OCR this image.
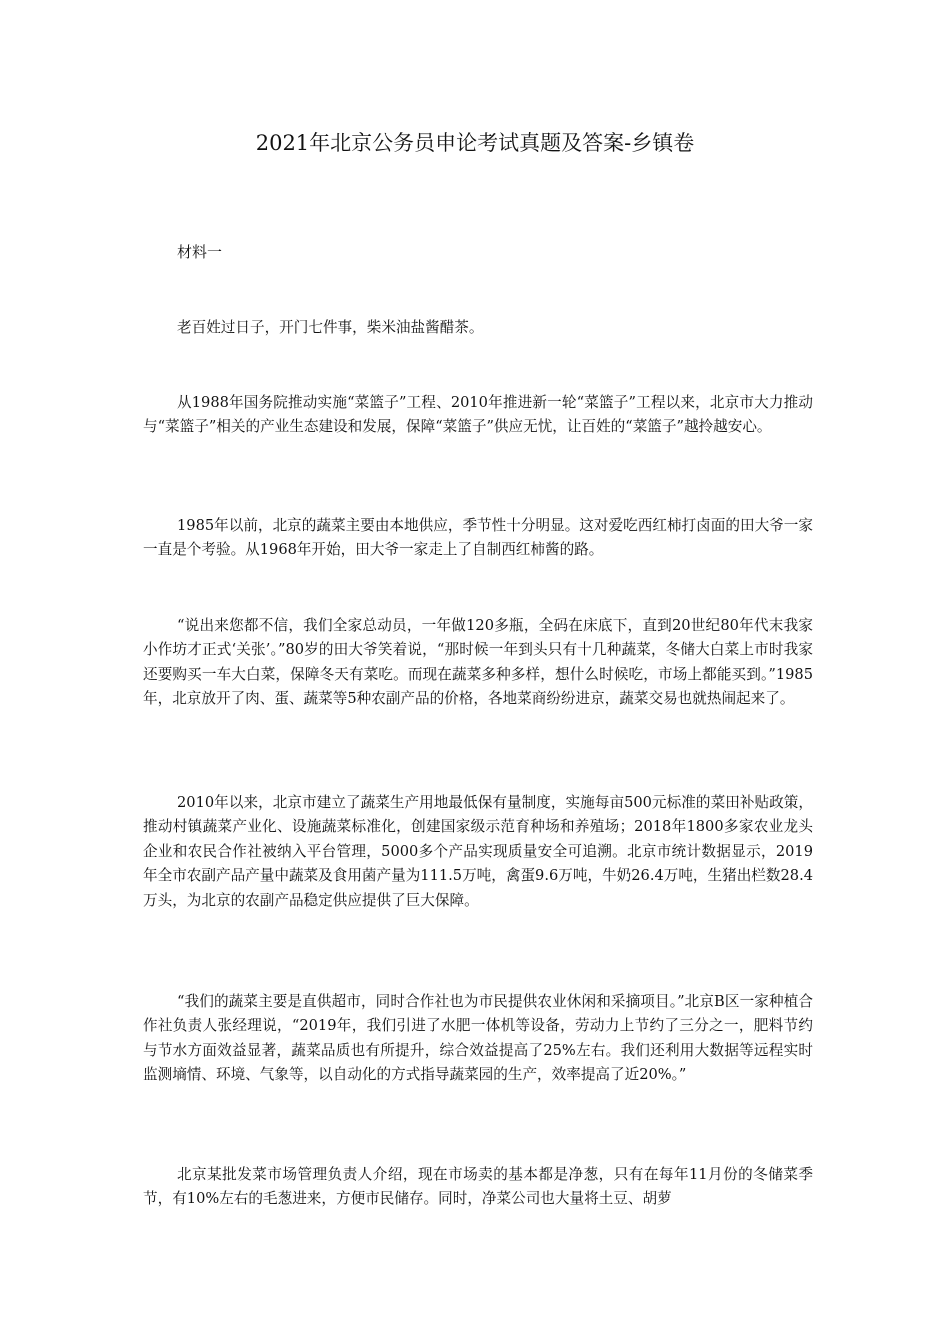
2021年北京公务员申论考试真题及答案-乡镇卷

材料一

老百姓过日子，开门七件事，柴米油盐酱醋茶。

从1988年国务院推动实施“菜篮子”工程、2010年推进新一轮“菜篮子”工程以来，北京市大力推动与“菜篮子”相关的产业生态建设和发展，保障“菜篮子”供应无忧，让百姓的“菜篮子”越拎越安心。

1985年以前，北京的蔬菜主要由本地供应，季节性十分明显。这对爱吃西红柿打卤面的田大爷一家一直是个考验。从1968年开始，田大爷一家走上了自制西红柿酱的路。

“说出来您都不信，我们全家总动员，一年做120多瓶，全码在床底下，直到20世纪80年代末我家小作坊才正式‘关张’。”80岁的田大爷笑着说，“那时候一年到头只有十几种蔬菜，冬储大白菜上市时我家还要购买一车大白菜，保障冬天有菜吃。而现在蔬菜多种多样，想什么时候吃，市场上都能买到。”1985年，北京放开了肉、蛋、蔬菜等5种农副产品的价格，各地菜商纷纷进京，蔬菜交易也就热闹起来了。

2010年以来，北京市建立了蔬菜生产用地最低保有量制度，实施每亩500元标准的菜田补贴政策，推动村镇蔬菜产业化、设施蔬菜标准化，创建国家级示范育种场和养殖场；2018年1800多家农业龙头企业和农民合作社被纳入平台管理，5000多个产品实现质量安全可追溯。北京市统计数据显示，2019年全市农副产品产量中蔬菜及食用菌产量为111.5万吨，禽蛋9.6万吨，牛奶26.4万吨，生猪出栏数28.4万头，为北京的农副产品稳定供应提供了巨大保障。

“我们的蔬菜主要是直供超市，同时合作社也为市民提供农业休闲和采摘项目。”北京B区一家种植合作社负责人张经理说，“2019年，我们引进了水肥一体机等设备，劳动力上节约了三分之一，肥料节约与节水方面效益显著，蔬菜品质也有所提升，综合效益提高了25%左右。我们还利用大数据等远程实时监测墒情、环境、气象等，以自动化的方式指导蔬菜园的生产，效率提高了近20%。”

北京某批发菜市场管理负责人介绍，现在市场卖的基本都是净葱，只有在每年11月份的冬储菜季节，有10%左右的毛葱进来，方便市民储存。同时，净菜公司也大量将土豆、胡萝
